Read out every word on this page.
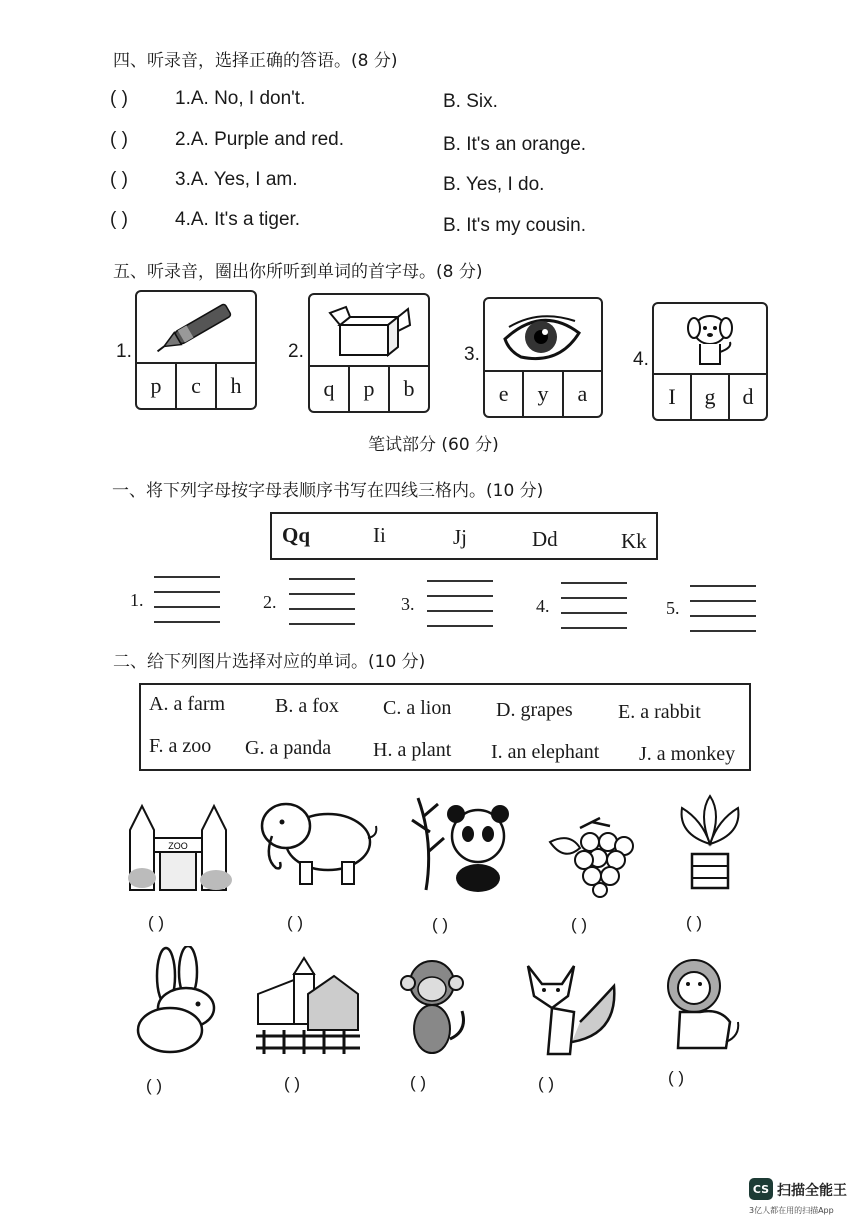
四、听录音，选择正确的答语。(8 分)
( ) 1.A. No, I don't.	B. Six.
( ) 2.A. Purple and red.	B. It's an orange.
( ) 3.A. Yes, I am.	B. Yes, I do.
( ) 4.A. It's a tiger.	B. It's my cousin.
五、听录音，圈出你所听到单词的首字母。(8 分)
1.
p	c	h
2.
q	p	b
3.
e	y	a
4.
I	g	d
笔试部分 (60 分)
一、将下列字母按字母表顺序书写在四线三格内。(10 分)
Qq	Ii	Jj	Dd	Kk
1.	2.	3.	4.	5.
二、给下列图片选择对应的单词。(10 分)
A. a farm B. a fox C. a lion D. grapes E. a rabbit
F. a zoo G. a panda H. a plant I. an elephant J. a monkey
ZOO
( )	( )	( )	( )	( )
( )	( )	( )	( )	( )
CS 扫描全能王
3亿人都在用的扫描App
